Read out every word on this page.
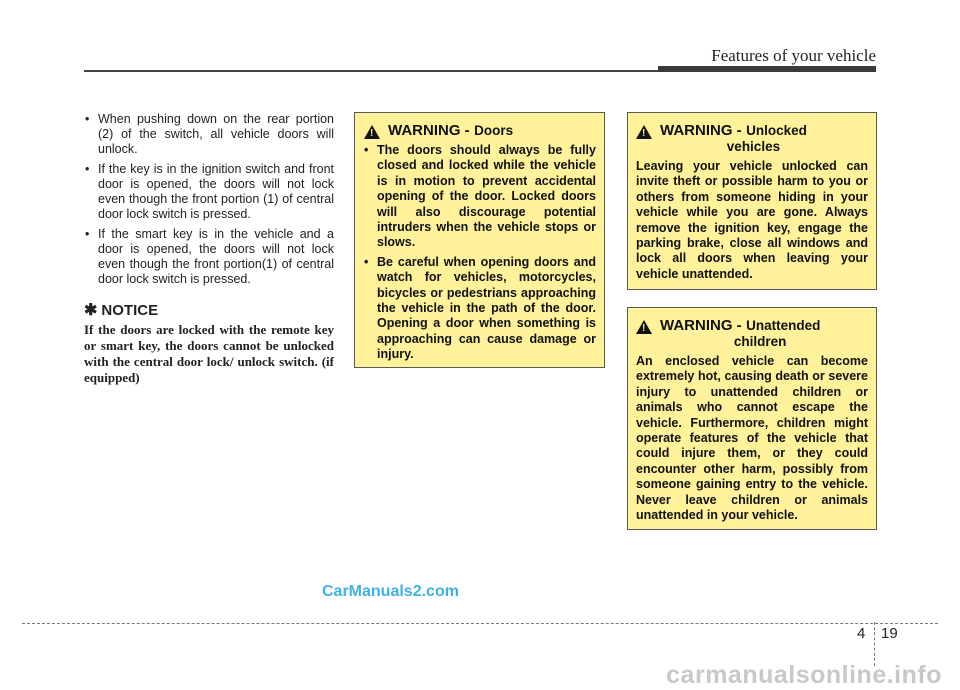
Features of your vehicle
• When pushing down on the rear portion (2) of the switch, all vehicle doors will unlock.
• If the key is in the ignition switch and front door is opened, the doors will not lock even though the front portion (1) of central door lock switch is pressed.
• If the smart key is in the vehicle and a door is opened, the doors will not lock even though the front portion(1) of central door lock switch is pressed.
✱ NOTICE
If the doors are locked with the remote key or smart key, the doors cannot be unlocked with the central door lock/ unlock switch. (if equipped)
!
WARNING - Doors
• The doors should always be fully closed and locked while the vehicle is in motion to prevent accidental opening of the door. Locked doors will also discourage potential intruders when the vehicle stops or slows.
• Be careful when opening doors and watch for vehicles, motorcycles, bicycles or pedestrians approaching the vehicle in the path of the door. Opening a door when something is approaching can cause damage or injury.
!
WARNING - Unlocked
vehicles
Leaving your vehicle unlocked can invite theft or possible harm to you or others from someone hiding in your vehicle while you are gone. Always remove the ignition key, engage the parking brake, close all windows and lock all doors when leaving your vehicle unattended.
!
WARNING - Unattended
children
An enclosed vehicle can become extremely hot, causing death or severe injury to unattended children or animals who cannot escape the vehicle. Furthermore, children might operate features of the vehicle that could injure them, or they could encounter other harm, possibly from someone gaining entry to the vehicle. Never leave children or animals unattended in your vehicle.
CarManuals2.com
4 19
carmanualsonline.info
